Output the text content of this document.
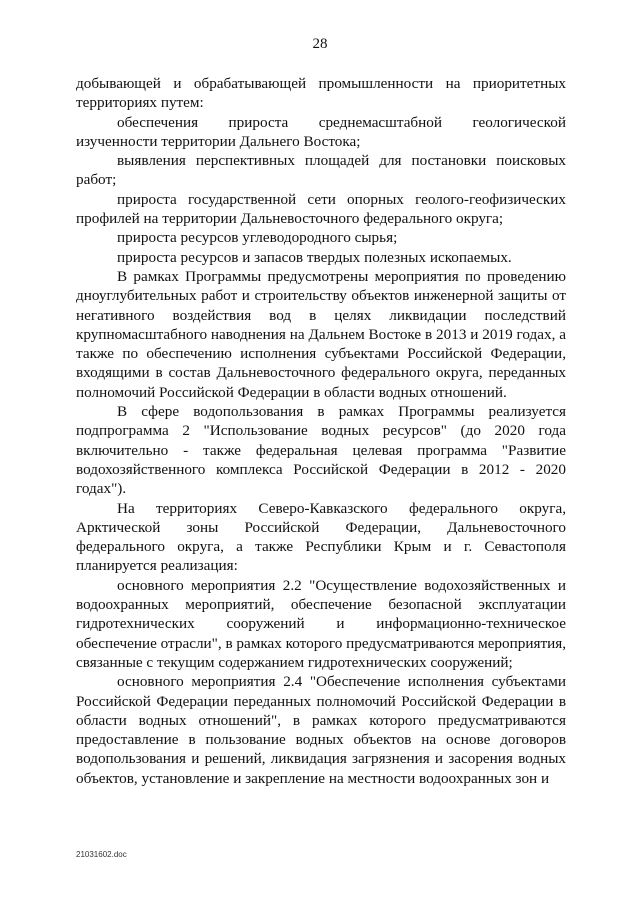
28

добывающей и обрабатывающей промышленности на приоритетных территориях путем:

обеспечения прироста среднемасштабной геологической изученности территории Дальнего Востока;

выявления перспективных площадей для постановки поисковых работ;

прироста государственной сети опорных геолого-геофизических профилей на территории Дальневосточного федерального округа;

прироста ресурсов углеводородного сырья;

прироста ресурсов и запасов твердых полезных ископаемых.

В рамках Программы предусмотрены мероприятия по проведению дноуглубительных работ и строительству объектов инженерной защиты от негативного воздействия вод в целях ликвидации последствий крупномасштабного наводнения на Дальнем Востоке в 2013 и 2019 годах, а также по обеспечению исполнения субъектами Российской Федерации, входящими в состав Дальневосточного федерального округа, переданных полномочий Российской Федерации в области водных отношений.

В сфере водопользования в рамках Программы реализуется подпрограмма 2 "Использование водных ресурсов" (до 2020 года включительно - также федеральная целевая программа "Развитие водохозяйственного комплекса Российской Федерации в 2012 - 2020 годах").

На территориях Северо-Кавказского федерального округа, Арктической зоны Российской Федерации, Дальневосточного федерального округа, а также Республики Крым и г. Севастополя планируется реализация:

основного мероприятия 2.2 "Осуществление водохозяйственных и водоохранных мероприятий, обеспечение безопасной эксплуатации гидротехнических сооружений и информационно-техническое обеспечение отрасли", в рамках которого предусматриваются мероприятия, связанные с текущим содержанием гидротехнических сооружений;

основного мероприятия 2.4 "Обеспечение исполнения субъектами Российской Федерации переданных полномочий Российской Федерации в области водных отношений", в рамках которого предусматриваются предоставление в пользование водных объектов на основе договоров водопользования и решений, ликвидация загрязнения и засорения водных объектов, установление и закрепление на местности водоохранных зон и

21031602.doc
